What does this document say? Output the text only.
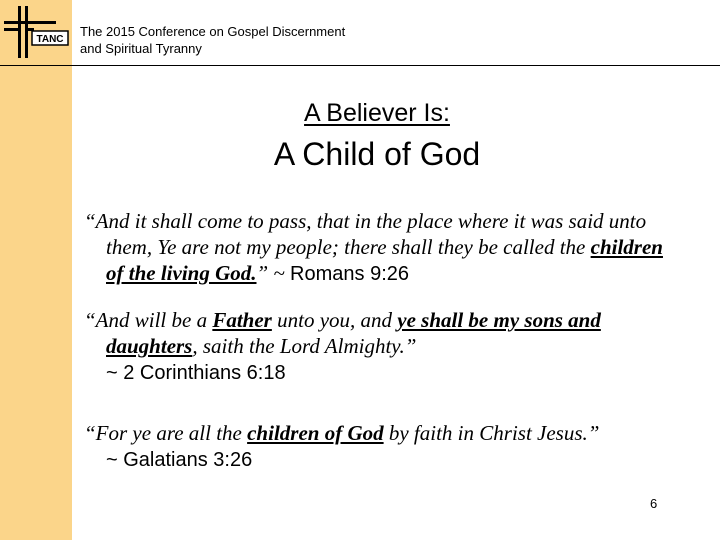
TANC
The 2015 Conference on Gospel Discernment
and Spiritual Tyranny
A Believer Is:
A Child of God

“And it shall come to pass, that in the place where it was said unto them, Ye are not my people; there shall they be called the children of the living God.” ~ Romans 9:26

“And will be a Father unto you, and ye shall be my sons and daughters, saith the Lord Almighty.”
~ 2 Corinthians 6:18

“For ye are all the children of God by faith in Christ Jesus.”
~ Galatians 3:26

6
